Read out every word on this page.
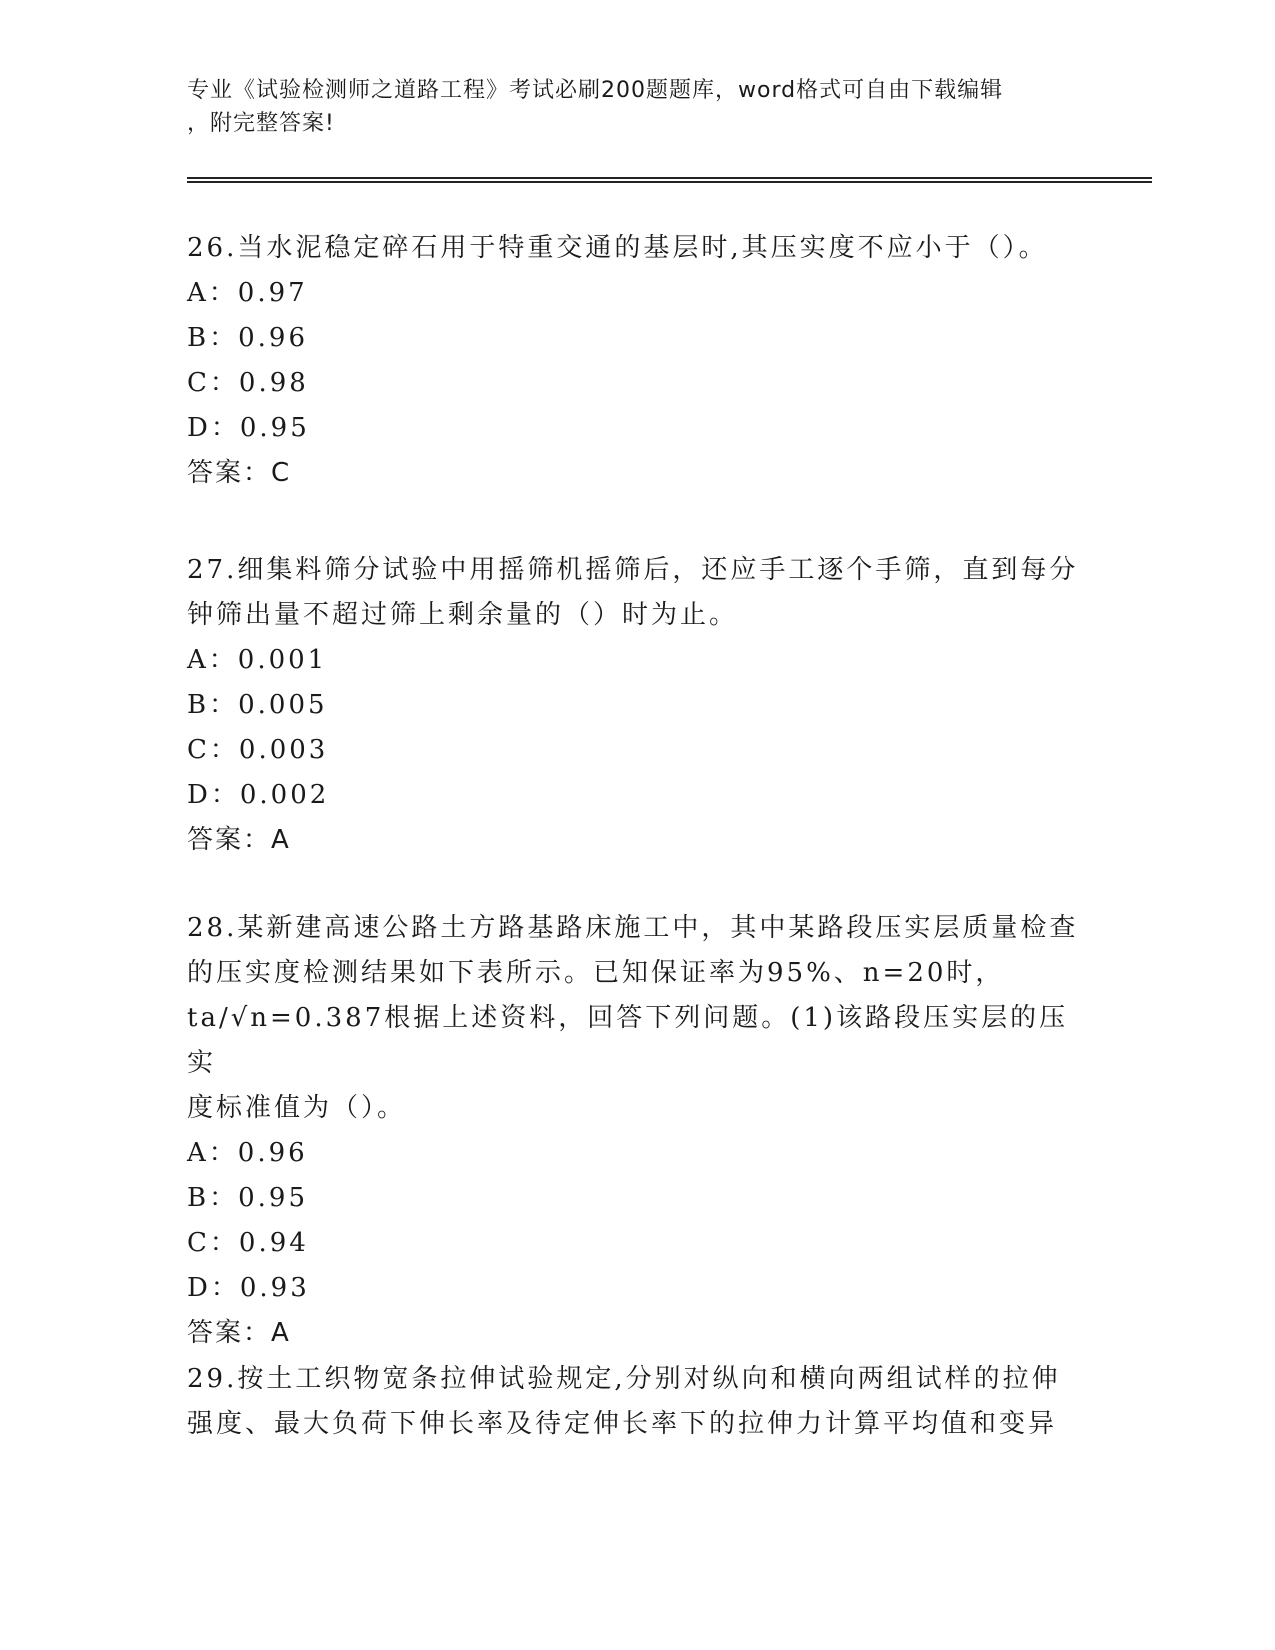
专业《试验检测师之道路工程》考试必刷200题题库，word格式可自由下载编辑
，附完整答案!

26.当水泥稳定碎石用于特重交通的基层时,其压实度不应小于（）。

A： 0.97

B： 0.96

C： 0.98

D： 0.95

答案：C

27.细集料筛分试验中用摇筛机摇筛后，还应手工逐个手筛，直到每分

钟筛出量不超过筛上剩余量的（）时为止。

A： 0.001

B： 0.005

C： 0.003

D： 0.002

答案：A

28.某新建高速公路土方路基路床施工中，其中某路段压实层质量检查

的压实度检测结果如下表所示。已知保证率为95%、n=20时，

ta/√n=0.387根据上述资料，回答下列问题。(1)该路段压实层的压实

度标准值为（）。

A： 0.96

B： 0.95

C： 0.94

D： 0.93

答案：A

29.按土工织物宽条拉伸试验规定,分别对纵向和横向两组试样的拉伸

强度、最大负荷下伸长率及待定伸长率下的拉伸力计算平均值和变异
